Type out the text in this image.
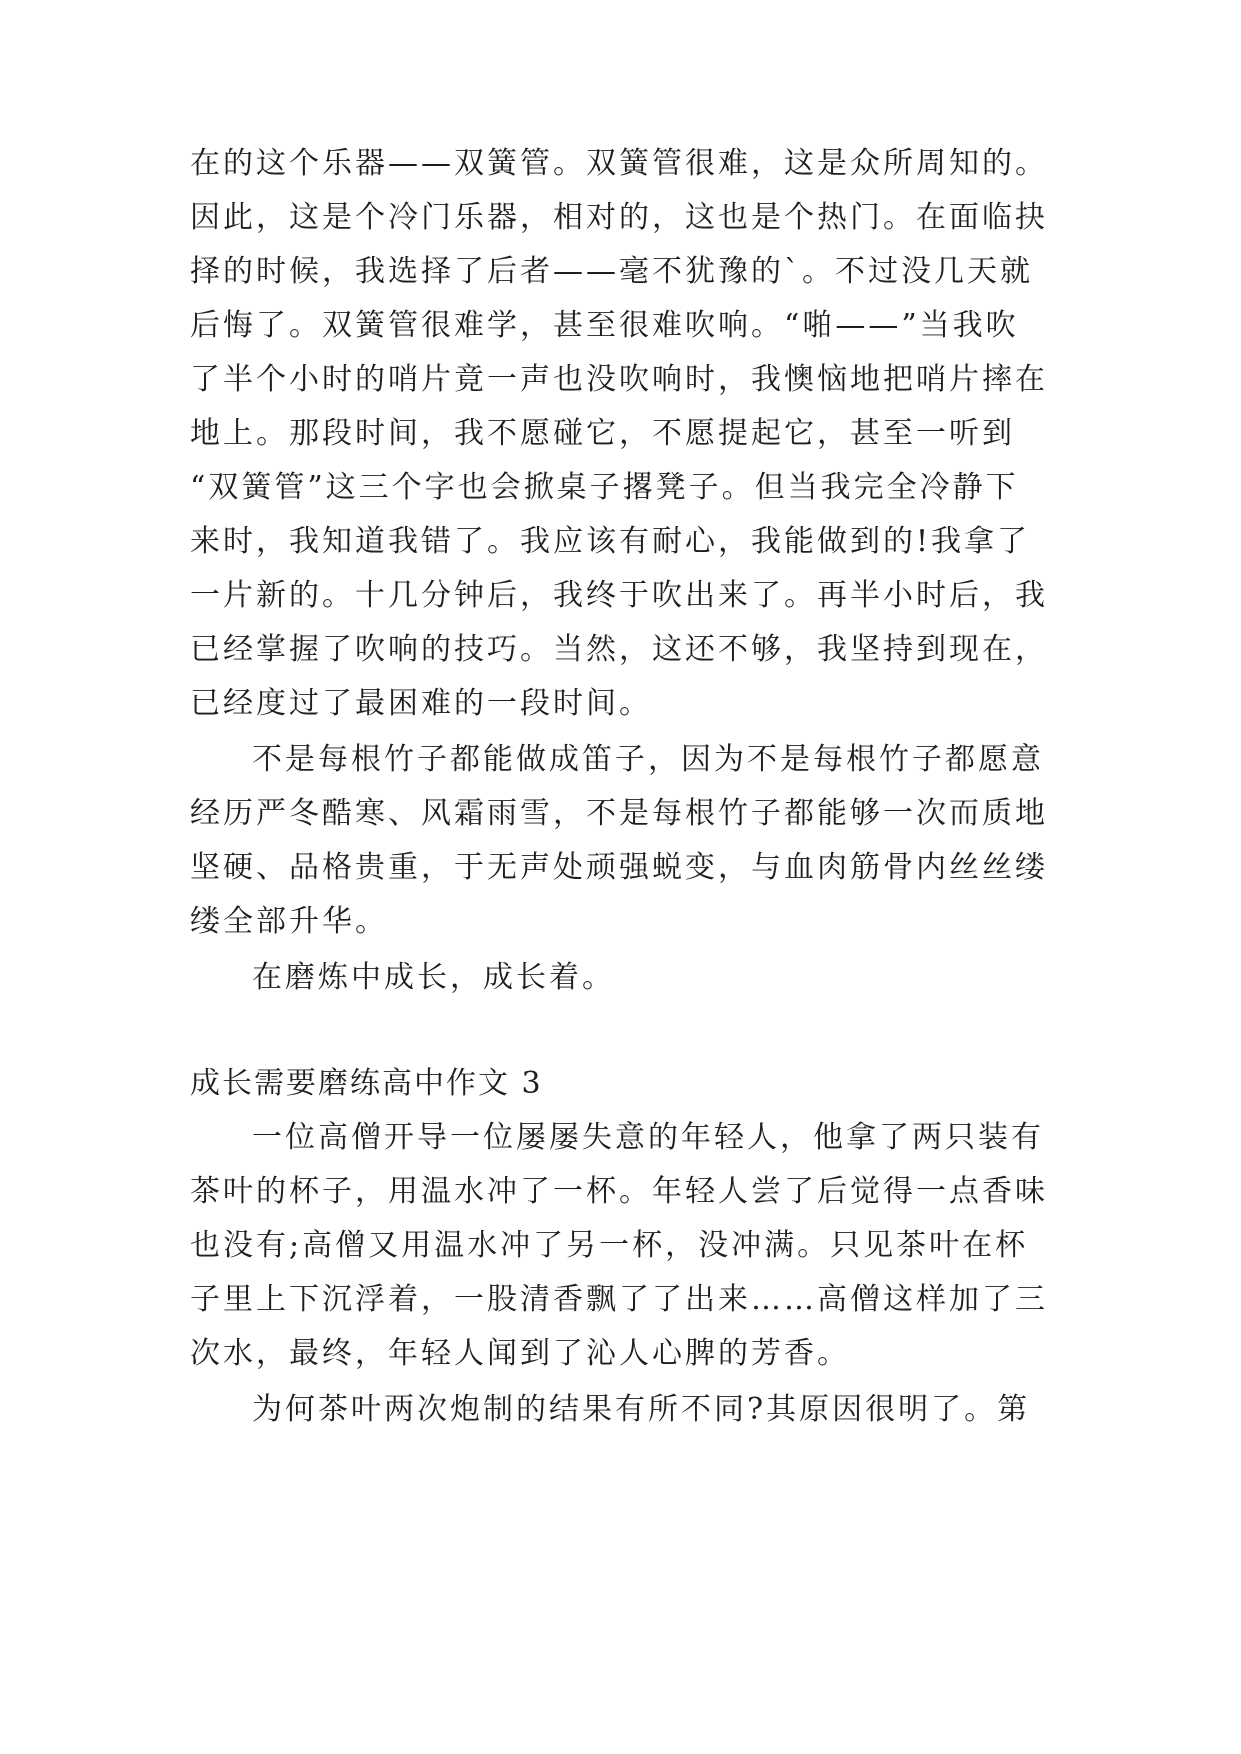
在的这个乐器——双簧管。双簧管很难，这是众所周知的。
因此，这是个冷门乐器，相对的，这也是个热门。在面临抉
择的时候，我选择了后者——毫不犹豫的`。不过没几天就
后悔了。双簧管很难学，甚至很难吹响。“啪——”当我吹
了半个小时的哨片竟一声也没吹响时，我懊恼地把哨片摔在
地上。那段时间，我不愿碰它，不愿提起它，甚至一听到
“双簧管”这三个字也会掀桌子撂凳子。但当我完全冷静下
来时，我知道我错了。我应该有耐心，我能做到的!我拿了
一片新的。十几分钟后，我终于吹出来了。再半小时后，我
已经掌握了吹响的技巧。当然，这还不够，我坚持到现在，
已经度过了最困难的一段时间。
不是每根竹子都能做成笛子，因为不是每根竹子都愿意
经历严冬酷寒、风霜雨雪，不是每根竹子都能够一次而质地
坚硬、品格贵重，于无声处顽强蜕变，与血肉筋骨内丝丝缕
缕全部升华。
在磨炼中成长，成长着。
成长需要磨练高中作文 3
一位高僧开导一位屡屡失意的年轻人，他拿了两只装有
茶叶的杯子，用温水冲了一杯。年轻人尝了后觉得一点香味
也没有;高僧又用温水冲了另一杯，没冲满。只见茶叶在杯
子里上下沉浮着，一股清香飘了了出来……高僧这样加了三
次水，最终，年轻人闻到了沁人心脾的芳香。
为何茶叶两次炮制的结果有所不同?其原因很明了。第
